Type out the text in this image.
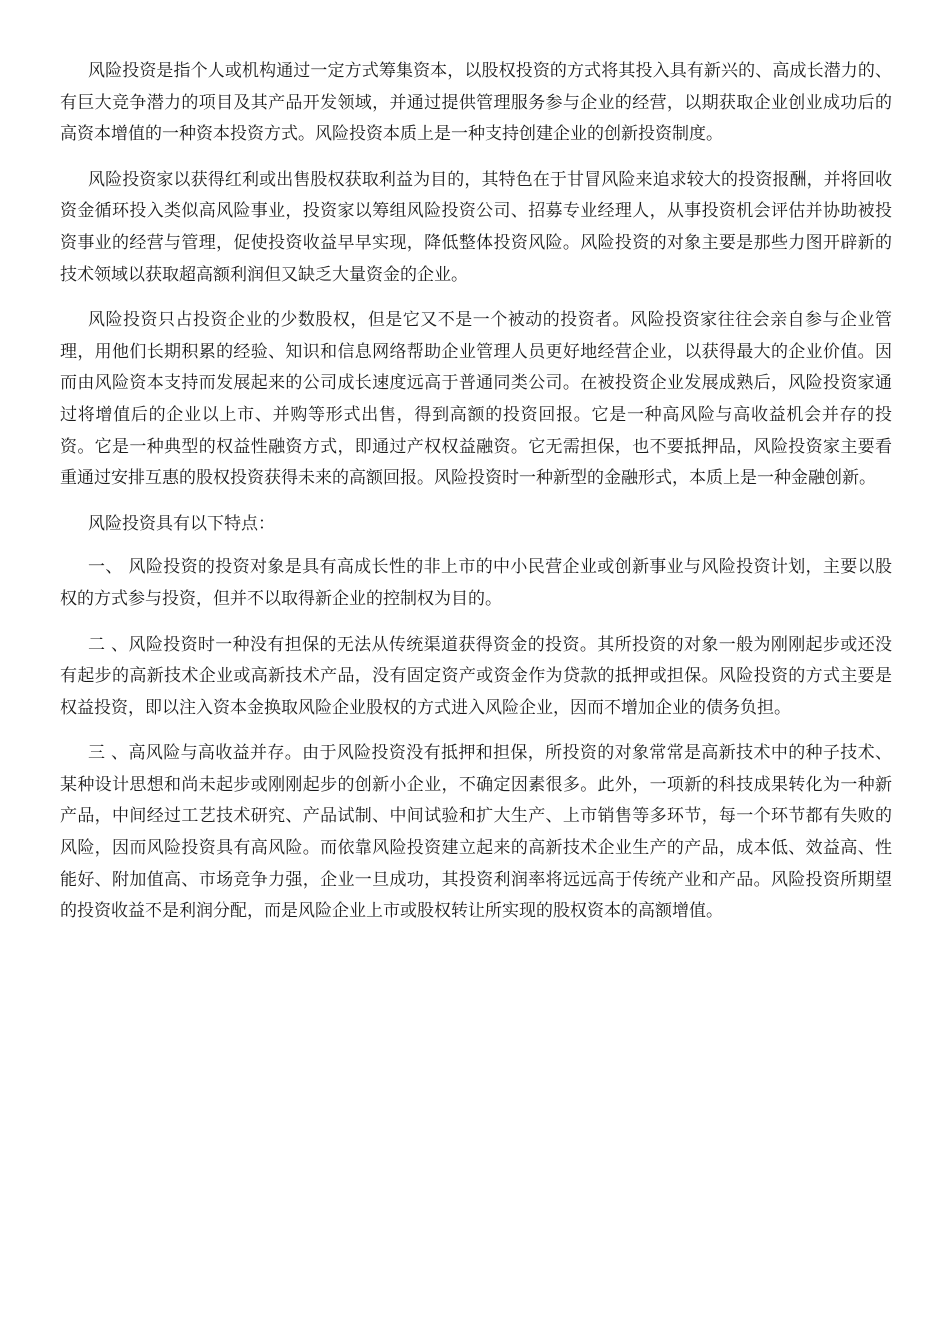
风险投资是指个人或机构通过一定方式筹集资本，以股权投资的方式将其投入具有新兴的、高成长潜力的、有巨大竞争潜力的项目及其产品开发领域，并通过提供管理服务参与企业的经营，以期获取企业创业成功后的高资本增值的一种资本投资方式。风险投资本质上是一种支持创建企业的创新投资制度。

风险投资家以获得红利或出售股权获取利益为目的，其特色在于甘冒风险来追求较大的投资报酬，并将回收资金循环投入类似高风险事业，投资家以筹组风险投资公司、招募专业经理人，从事投资机会评估并协助被投资事业的经营与管理，促使投资收益早早实现，降低整体投资风险。风险投资的对象主要是那些力图开辟新的技术领域以获取超高额利润但又缺乏大量资金的企业。

风险投资只占投资企业的少数股权，但是它又不是一个被动的投资者。风险投资家往往会亲自参与企业管理，用他们长期积累的经验、知识和信息网络帮助企业管理人员更好地经营企业，以获得最大的企业价值。因而由风险资本支持而发展起来的公司成长速度远高于普通同类公司。在被投资企业发展成熟后，风险投资家通过将增值后的企业以上市、并购等形式出售，得到高额的投资回报。它是一种高风险与高收益机会并存的投资。它是一种典型的权益性融资方式，即通过产权权益融资。它无需担保，也不要抵押品，风险投资家主要看重通过安排互惠的股权投资获得未来的高额回报。风险投资时一种新型的金融形式，本质上是一种金融创新。

风险投资具有以下特点：

一、 风险投资的投资对象是具有高成长性的非上市的中小民营企业或创新事业与风险投资计划，主要以股权的方式参与投资，但并不以取得新企业的控制权为目的。

二 、风险投资时一种没有担保的无法从传统渠道获得资金的投资。其所投资的对象一般为刚刚起步或还没有起步的高新技术企业或高新技术产品，没有固定资产或资金作为贷款的抵押或担保。风险投资的方式主要是权益投资，即以注入资本金换取风险企业股权的方式进入风险企业，因而不增加企业的债务负担。

三 、高风险与高收益并存。由于风险投资没有抵押和担保，所投资的对象常常是高新技术中的种子技术、某种设计思想和尚未起步或刚刚起步的创新小企业，不确定因素很多。此外，一项新的科技成果转化为一种新产品，中间经过工艺技术研究、产品试制、中间试验和扩大生产、上市销售等多环节，每一个环节都有失败的风险，因而风险投资具有高风险。而依靠风险投资建立起来的高新技术企业生产的产品，成本低、效益高、性能好、附加值高、市场竞争力强，企业一旦成功，其投资利润率将远远高于传统产业和产品。风险投资所期望的投资收益不是利润分配，而是风险企业上市或股权转让所实现的股权资本的高额增值。
